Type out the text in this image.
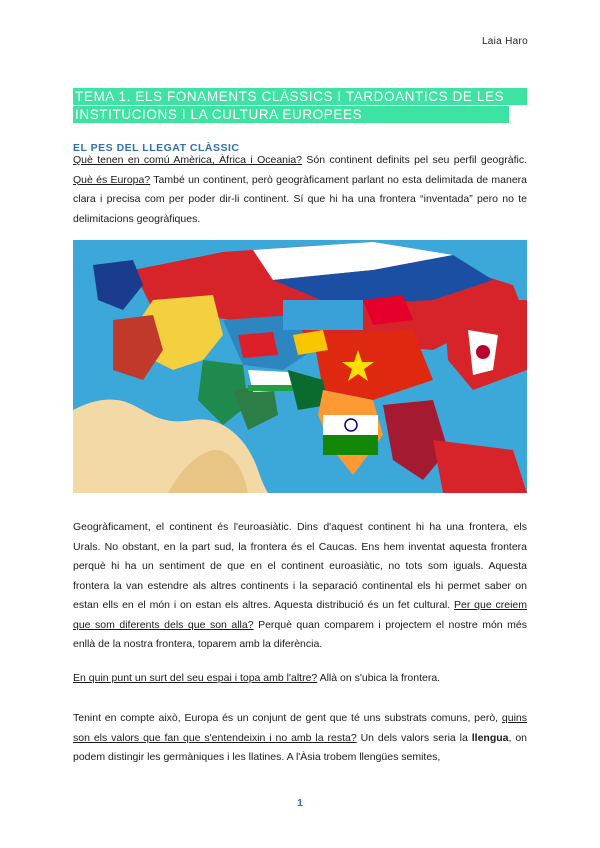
Laia Haro
TEMA 1. ELS FONAMENTS CLÀSSICS I TARDOANTICS DE LES
INSTITUCIONS I LA CULTURA EUROPEES
EL PES DEL LLEGAT CLÀSSIC

Què tenen en comú Amèrica, Àfrica i Oceania? Són continent definits pel seu perfil geogràfic. Què és Europa? També un continent, però geogràficament parlant no esta delimitada de manera clara i precisa com per poder dir-li continent. Sí que hi ha una frontera “inventada” pero no te delimitacions geogràfiques.

Geogràficament, el continent és l'euroasiàtic. Dins d'aquest continent hi ha una frontera, els Urals. No obstant, en la part sud, la frontera és el Caucas. Ens hem inventat aquesta frontera perquè hi ha un sentiment de que en el continent euroasiàtic, no tots som iguals. Aquesta frontera la van estendre als altres continents i la separació continental els hi permet saber on estan ells en el món i on estan els altres. Aquesta distribució és un fet cultural. Per que creiem que som diferents dels que son alla? Perquè quan comparem i projectem el nostre món més enllà de la nostra frontera, toparem amb la diferència.

En quin punt un surt del seu espai i topa amb l'altre? Allà on s'ubica la frontera.

Tenint en compte això, Europa és un conjunt de gent que té uns substrats comuns, però, quins son els valors que fan que s'entendeixin i no amb la resta? Un dels valors seria la llengua, on podem distingir les germàniques i les llatines. A l'Àsia trobem llengües semites,

1
